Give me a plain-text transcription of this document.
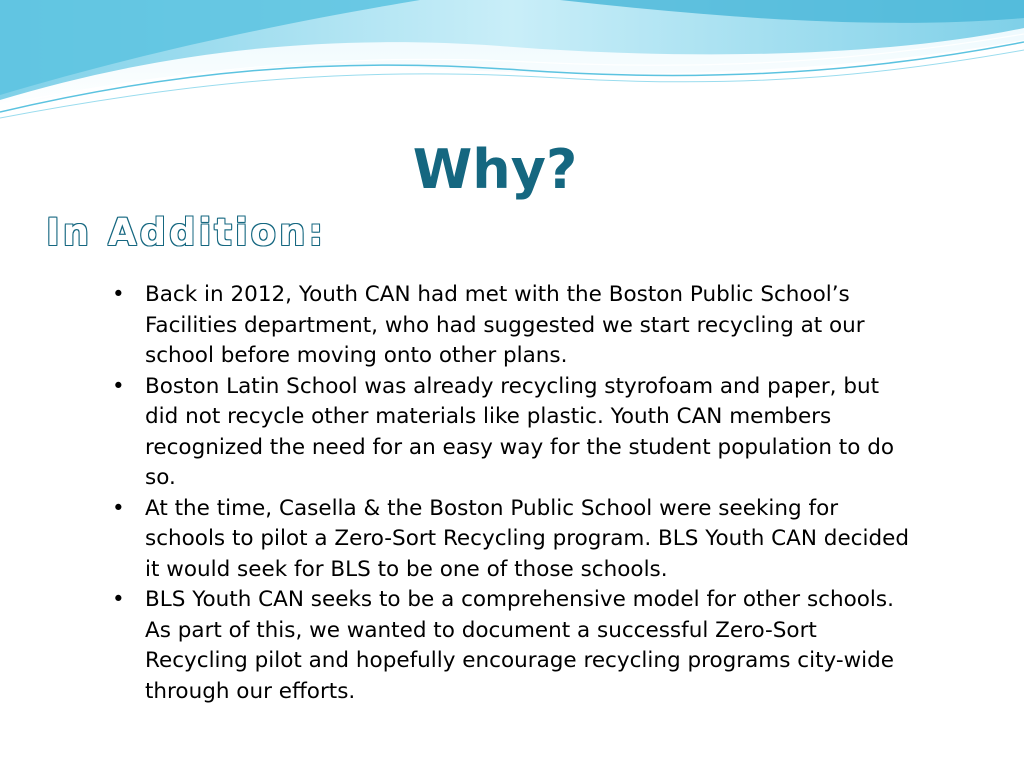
Why?
In Addition:
• Back in 2012, Youth CAN had met with the Boston Public School’s Facilities department, who had suggested we start recycling at our school before moving onto other plans.
• Boston Latin School was already recycling styrofoam and paper, but did not recycle other materials like plastic. Youth CAN members recognized the need for an easy way for the student population to do so.
• At the time, Casella & the Boston Public School were seeking for schools to pilot a Zero-Sort Recycling program. BLS Youth CAN decided it would seek for BLS to be one of those schools.
• BLS Youth CAN seeks to be a comprehensive model for other schools. As part of this, we wanted to document a successful Zero-Sort Recycling pilot and hopefully encourage recycling programs city-wide through our efforts.
